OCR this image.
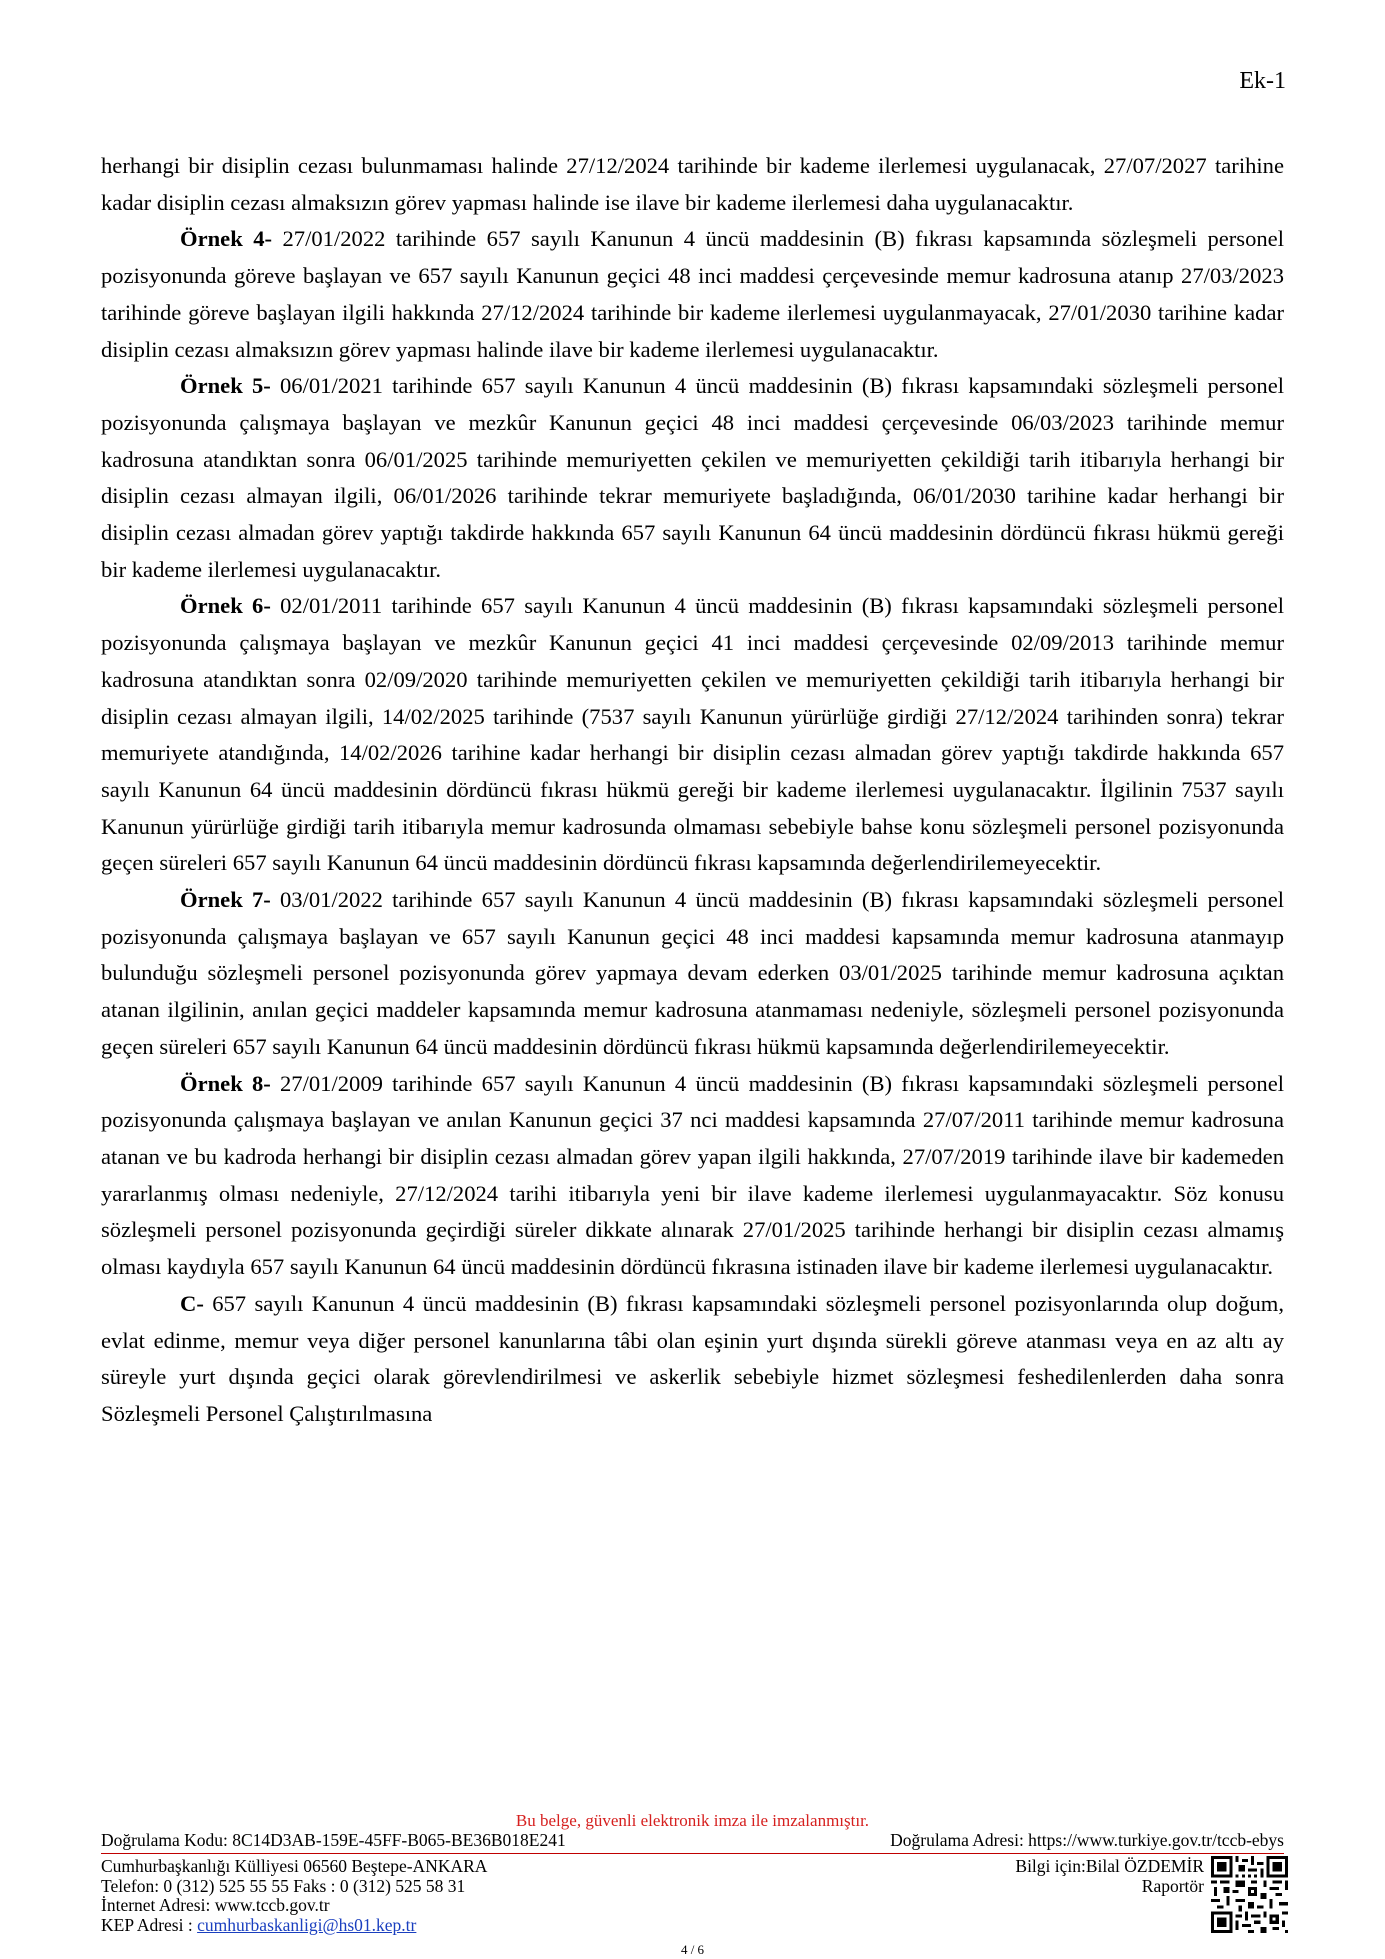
Ek-1

herhangi bir disiplin cezası bulunmaması halinde 27/12/2024 tarihinde bir kademe ilerlemesi uygulanacak, 27/07/2027 tarihine kadar disiplin cezası almaksızın görev yapması halinde ise ilave bir kademe ilerlemesi daha uygulanacaktır.

Örnek 4- 27/01/2022 tarihinde 657 sayılı Kanunun 4 üncü maddesinin (B) fıkrası kapsamında sözleşmeli personel pozisyonunda göreve başlayan ve 657 sayılı Kanunun geçici 48 inci maddesi çerçevesinde memur kadrosuna atanıp 27/03/2023 tarihinde göreve başlayan ilgili hakkında 27/12/2024 tarihinde bir kademe ilerlemesi uygulanmayacak, 27/01/2030 tarihine kadar disiplin cezası almaksızın görev yapması halinde ilave bir kademe ilerlemesi uygulanacaktır.

Örnek 5- 06/01/2021 tarihinde 657 sayılı Kanunun 4 üncü maddesinin (B) fıkrası kapsamındaki sözleşmeli personel pozisyonunda çalışmaya başlayan ve mezkûr Kanunun geçici 48 inci maddesi çerçevesinde 06/03/2023 tarihinde memur kadrosuna atandıktan sonra 06/01/2025 tarihinde memuriyetten çekilen ve memuriyetten çekildiği tarih itibarıyla herhangi bir disiplin cezası almayan ilgili, 06/01/2026 tarihinde tekrar memuriyete başladığında, 06/01/2030 tarihine kadar herhangi bir disiplin cezası almadan görev yaptığı takdirde hakkında 657 sayılı Kanunun 64 üncü maddesinin dördüncü fıkrası hükmü gereği bir kademe ilerlemesi uygulanacaktır.

Örnek 6- 02/01/2011 tarihinde 657 sayılı Kanunun 4 üncü maddesinin (B) fıkrası kapsamındaki sözleşmeli personel pozisyonunda çalışmaya başlayan ve mezkûr Kanunun geçici 41 inci maddesi çerçevesinde 02/09/2013 tarihinde memur kadrosuna atandıktan sonra 02/09/2020 tarihinde memuriyetten çekilen ve memuriyetten çekildiği tarih itibarıyla herhangi bir disiplin cezası almayan ilgili, 14/02/2025 tarihinde (7537 sayılı Kanunun yürürlüğe girdiği 27/12/2024 tarihinden sonra) tekrar memuriyete atandığında, 14/02/2026 tarihine kadar herhangi bir disiplin cezası almadan görev yaptığı takdirde hakkında 657 sayılı Kanunun 64 üncü maddesinin dördüncü fıkrası hükmü gereği bir kademe ilerlemesi uygulanacaktır. İlgilinin 7537 sayılı Kanunun yürürlüğe girdiği tarih itibarıyla memur kadrosunda olmaması sebebiyle bahse konu sözleşmeli personel pozisyonunda geçen süreleri 657 sayılı Kanunun 64 üncü maddesinin dördüncü fıkrası kapsamında değerlendirilemeyecektir.

Örnek 7- 03/01/2022 tarihinde 657 sayılı Kanunun 4 üncü maddesinin (B) fıkrası kapsamındaki sözleşmeli personel pozisyonunda çalışmaya başlayan ve 657 sayılı Kanunun geçici 48 inci maddesi kapsamında memur kadrosuna atanmayıp bulunduğu sözleşmeli personel pozisyonunda görev yapmaya devam ederken 03/01/2025 tarihinde memur kadrosuna açıktan atanan ilgilinin, anılan geçici maddeler kapsamında memur kadrosuna atanmaması nedeniyle, sözleşmeli personel pozisyonunda geçen süreleri 657 sayılı Kanunun 64 üncü maddesinin dördüncü fıkrası hükmü kapsamında değerlendirilemeyecektir.

Örnek 8- 27/01/2009 tarihinde 657 sayılı Kanunun 4 üncü maddesinin (B) fıkrası kapsamındaki sözleşmeli personel pozisyonunda çalışmaya başlayan ve anılan Kanunun geçici 37 nci maddesi kapsamında 27/07/2011 tarihinde memur kadrosuna atanan ve bu kadroda herhangi bir disiplin cezası almadan görev yapan ilgili hakkında, 27/07/2019 tarihinde ilave bir kademeden yararlanmış olması nedeniyle, 27/12/2024 tarihi itibarıyla yeni bir ilave kademe ilerlemesi uygulanmayacaktır. Söz konusu sözleşmeli personel pozisyonunda geçirdiği süreler dikkate alınarak 27/01/2025 tarihinde herhangi bir disiplin cezası almamış olması kaydıyla 657 sayılı Kanunun 64 üncü maddesinin dördüncü fıkrasına istinaden ilave bir kademe ilerlemesi uygulanacaktır.

C- 657 sayılı Kanunun 4 üncü maddesinin (B) fıkrası kapsamındaki sözleşmeli personel pozisyonlarında olup doğum, evlat edinme, memur veya diğer personel kanunlarına tâbi olan eşinin yurt dışında sürekli göreve atanması veya en az altı ay süreyle yurt dışında geçici olarak görevlendirilmesi ve askerlik sebebiyle hizmet sözleşmesi feshedilenlerden daha sonra Sözleşmeli Personel Çalıştırılmasına

Bu belge, güvenli elektronik imza ile imzalanmıştır.
Doğrulama Kodu: 8C14D3AB-159E-45FF-B065-BE36B018E241	Doğrulama Adresi: https://www.turkiye.gov.tr/tccb-ebys
Cumhurbaşkanlığı Külliyesi 06560 Beştepe-ANKARA
Telefon: 0 (312) 525 55 55 Faks : 0 (312) 525 58 31
İnternet Adresi: www.tccb.gov.tr
KEP Adresi : cumhurbaskanligi@hs01.kep.tr
Bilgi için:Bilal ÖZDEMİR
Raportör
4 / 6
